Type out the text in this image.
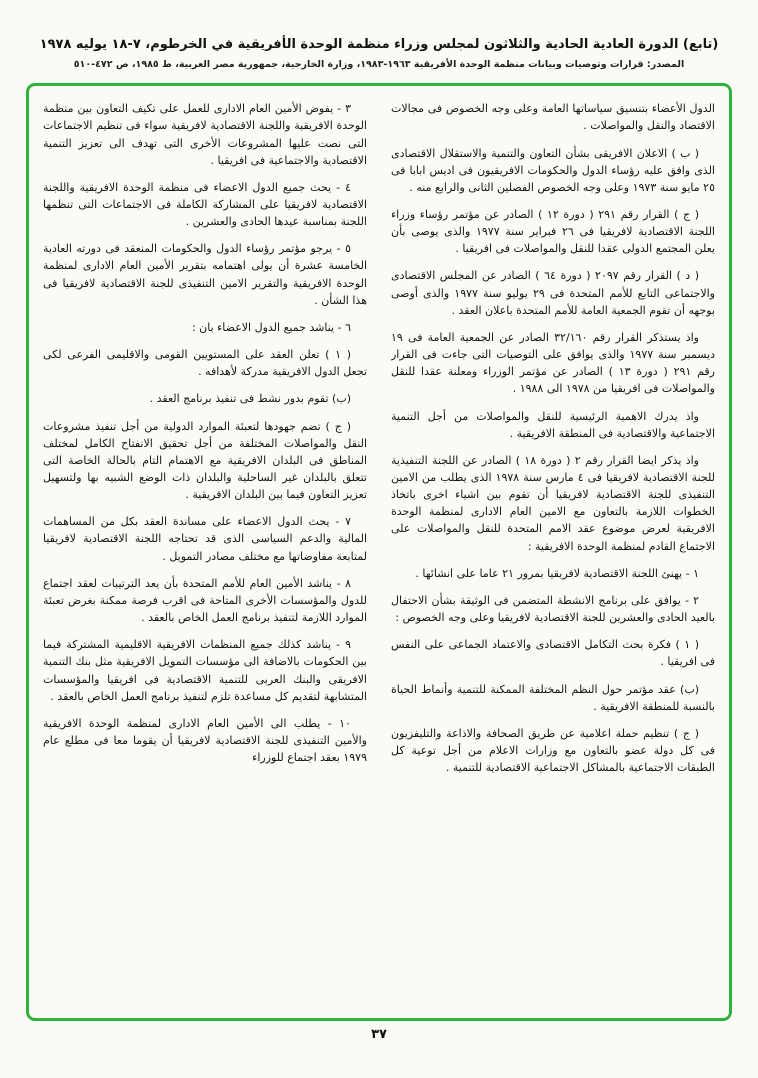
(تابع) الدورة العادية الحادية والثلاثون لمجلس وزراء منظمة الوحدة الأفريقية في الخرطوم، ٧-١٨ يوليه ١٩٧٨
المصدر: قرارات وتوصيات وبيانات منظمة الوحدة الأفريقية ١٩٦٣-١٩٨٣، وزارة الخارجية، جمهورية مصر العربية، ط ١٩٨٥، ص ٤٧٢-٥١٠

الدول الأعضاء بتنسيق سياساتها العامة وعلى وجه الخصوص فى مجالات الاقتصاد والنقل والمواصلات .

( ب ) الاعلان الافريقى بشأن التعاون والتنمية والاستقلال الاقتصادى الذى وافق عليه رؤساء الدول والحكومات الافريقيون فى اديس ابابا فى ٢٥ مايو سنة ١٩٧٣ وعلى وجه الخصوص الفصلين الثانى والرابع منه .

( ج ) القرار رقم ٢٩١ ( دورة ١٢ ) الصادر عن مؤتمر رؤساء وزراء اللجنة الاقتصادية لافريقيا فى ٢٦ فبراير سنة ١٩٧٧ والذى يوصى بأن يعلن المجتمع الدولى عقدا للنقل والمواصلات فى افريقيا .

( د ) القرار رقم ٢٠٩٧ ( دورة ٦٤ ) الصادر عن المجلس الاقتصادى والاجتماعى التابع للأمم المتحدة فى ٢٩ يوليو سنة ١٩٧٧ والذى أوصى بوجهه أن تقوم الجمعية العامة للأمم المتحدة باعلان العقد .

واذ يستذكر القرار رقم ٣٢/١٦٠ الصادر عن الجمعية العامة فى ١٩ ديسمبر سنة ١٩٧٧ والذى يوافق على التوصيات التى جاءت فى القرار رقم ٢٩١ ( دورة ١٣ ) الصادر عن مؤتمر الوزراء ومعلنة عقدا للنقل والمواصلات فى افريقيا من ١٩٧٨ الى ١٩٨٨ .

واذ يدرك الاهمية الرئيسية للنقل والمواصلات من أجل التنمية الاجتماعية والاقتصادية فى المنطقة الافريقية .

واذ يذكر ايضا القرار رقم ٢ ( دورة ١٨ ) الصادر عن اللجنة التنفيذية للجنة الاقتصادية لافريقيا فى ٤ مارس سنة ١٩٧٨ الذى يطلب من الامين التنفيذى للجنة الاقتصادية لافريقيا أن تقوم بين اشياء اخرى باتخاذ الخطوات اللازمة بالتعاون مع الامين العام الادارى لمنظمة الوحدة الافريقية لعرض موضوع عقد الامم المتحدة للنقل والمواصلات على الاجتماع القادم لمنظمة الوحدة الافريقية :

١ - يهنئ اللجنة الاقتصادية لافريقيا بمرور ٢١ عاما على انشائها .

٢ - يوافق على برنامج الانشطة المتضمن فى الوثيقة بشأن الاحتفال بالعيد الحادى والعشرين للجنة الاقتصادية لافريقيا وعلى وجه الخصوص :

( ١ ) فكرة بحث التكامل الاقتصادى والاعتماد الجماعى على النفس فى افريقيا .

(ب) عقد مؤتمر حول النظم المختلفة الممكنة للتنمية وأنماط الحياة بالنسبة للمنطقة الافريقية .

( ج ) تنظيم حملة اعلامية عن طريق الصحافة والاذاعة والتليفزيون فى كل دولة عضو بالتعاون مع وزارات الاعلام من أجل توعية كل الطبقات الاجتماعية بالمشاكل الاجتماعية الاقتصادية للتنمية .

٣ - يفوض الأمين العام الادارى للعمل على تكيف التعاون بين منظمة الوحدة الافريقية واللجنة الاقتصادية لافريقية سواء فى تنظيم الاجتماعات التى نصت عليها المشروعات الأخرى التى تهدف الى تعزيز التنمية الاقتصادية والاجتماعية فى افريقيا .

٤ - يحث جميع الدول الاعضاء فى منظمة الوحدة الافريقية واللجنة الاقتصادية لافريقيا على المشاركة الكاملة فى الاجتماعات التى تنظمها اللجنة بمناسبة عيدها الحادى والعشرين .

٥ - يرجو مؤتمر رؤساء الدول والحكومات المنعقد فى دورته العادية الخامسة عشرة أن يولى اهتمامه بتقرير الأمين العام الادارى لمنظمة الوحدة الافريقية والتقرير الامين التنفيذى للجنة الاقتصادية لافريقيا فى هذا الشأن .

٦ - يناشد جميع الدول الاعضاء بان :

( ١ ) تعلن العقد على المستويين القومى والاقليمى الفرعى لكى تجعل الدول الافريقية مدركة لأهدافه .

(ب) تقوم بدور نشط فى تنفيذ برنامج العقد .

( ج ) تضم جهودها لتعبئة الموارد الدولية من أجل تنفيذ مشروعات النقل والمواصلات المختلفة من أجل تحقيق الانفتاح الكامل لمختلف المناطق فى البلدان الافريقية مع الاهتمام التام بالحالة الخاصة التى تتعلق بالبلدان غير الساحلية والبلدان ذات الوضع الشبيه بها ولتسهيل تعزيز التعاون فيما بين البلدان الافريقية .

٧ - يحث الدول الاعضاء على مساندة العقد بكل من المساهمات المالية والدعم السياسى الذى قد تحتاجه اللجنة الاقتصادية لافريقيا لمتابعة مفاوضاتها مع مختلف مصادر التمويل .

٨ - يناشد الأمين العام للأمم المتحدة بأن يعد الترتيبات لعقد اجتماع للدول والمؤسسات الأخرى المتاحة فى اقرب فرصة ممكنة بغرض تعبئة الموارد اللازمة لتنفيذ برنامج العمل الخاص بالعقد .

٩ - يناشد كذلك جميع المنظمات الافريقية الاقليمية المشتركة فيما بين الحكومات بالاضافة الى مؤسسات التمويل الافريقية مثل بنك التنمية الافريقى والبنك العربى للتنمية الاقتصادية فى افريقيا والمؤسسات المتشابهة لتقديم كل مساعدة تلزم لتنفيذ برنامج العمل الخاص بالعقد .

١٠ - يطلب الى الأمين العام الادارى لمنظمة الوحدة الافريقية والأمين التنفيذى للجنة الاقتصادية لافريقيا أن يقوما معا فى مطلع عام ١٩٧٩ بعقد اجتماع للوزراء

٣٧
